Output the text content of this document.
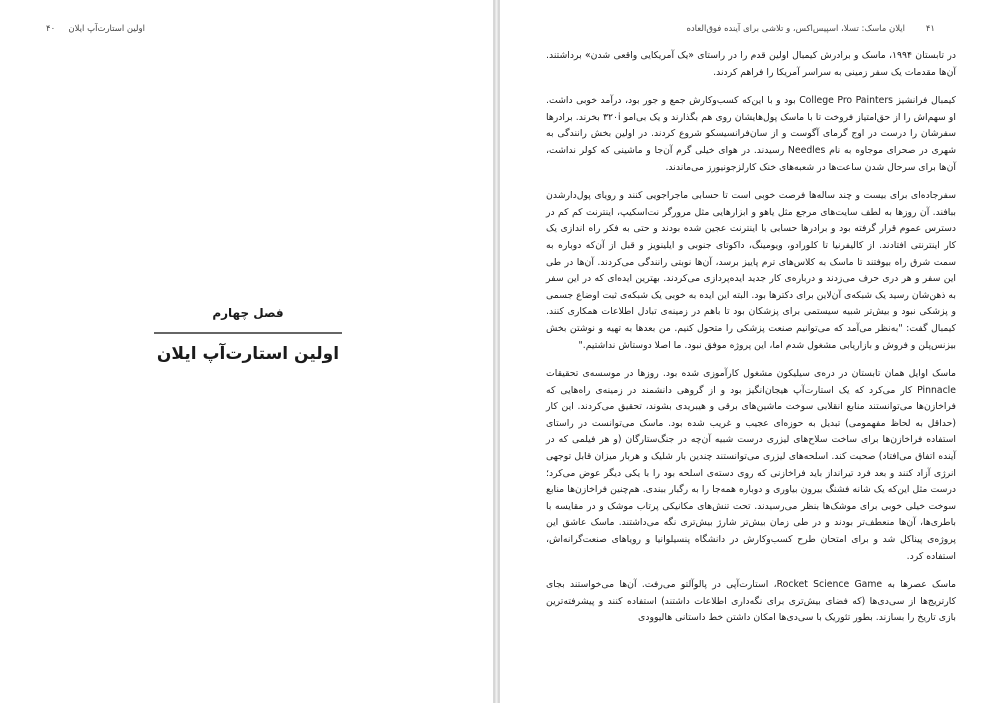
اولین استارت‌آپ ایلان
۴۰
فصل چهارم
اولین استارت‌آپ ایلان
۴۱
ایلان ماسک: تسلا، اسپیس‌اکس، و تلاشی برای آینده فوق‌العاده

در تابستان ۱۹۹۴، ماسک و برادرش کیمبال اولین قدم را در راستای «یک آمریکایی واقعی شدن» برداشتند. آن‌ها مقدمات یک سفر زمینی به سراسر آمریکا را فراهم کردند.

کیمبال فرانشیز College Pro Painters بود و با این‌که کسب‌وکارش جمع و جور بود، درآمد خوبی داشت. او سهم‌اش را از حق‌امتیاز فروخت تا با ماسک پول‌هایشان روی هم بگذارند و یک بی‌امو ۳۲۰i بخرند. برادرها سفرشان را درست در اوج گرمای آگوست و از سان‌فرانسیسکو شروع کردند. در اولین بخش رانندگی به شهری در صحرای موجاوه به نام Needles رسیدند. در هوای خیلی گرم آن‌جا و ماشینی که کولر نداشت، آن‌ها برای سرحال شدن ساعت‌ها در شعبه‌های خنک کارلزجونیورز می‌ماندند.

سفرجاده‌ای برای بیست و چند ساله‌ها فرصت خوبی است تا حسابی ماجراجویی کنند و رویای پول‌دارشدن ببافند. آن روزها به لطف سایت‌های مرجع مثل یاهو و ابزارهایی مثل مرورگر نت‌اسکیپ، اینترنت کم کم در دسترس عموم قرار گرفته بود و برادرها حسابی با اینترنت عجین شده بودند و حتی به فکر راه اندازی یک کار اینترنتی افتادند. از کالیفرنیا تا کلورادو، ویومینگ، داکوتای جنوبی و ایلینویز و قبل از آن‌که دوباره به سمت شرق راه بیوفتند تا ماسک به کلاس‌های ترم پاییز برسد، آن‌ها نوبتی رانندگی می‌کردند. آن‌ها در طی این سفر و هر دری حرف می‌زدند و درباره‌ی کار جدید ایده‌پردازی می‌کردند. بهترین ایده‌ای که در این سفر به ذهن‌شان رسید یک شبکه‌ی آن‌لاین برای دکترها بود. البته این ایده به خوبی یک شبکه‌ی ثبت اوضاع جسمی و پزشکی نبود و بیش‌تر شبیه سیستمی برای پزشکان بود تا باهم در زمینه‌ی تبادل اطلاعات همکاری کنند. کیمبال گفت: "به‌نظر می‌آمد که می‌توانیم صنعت پزشکی را متحول کنیم. من بعدها به تهیه و نوشتن بخش بیزنس‌پلن و فروش و بازاریابی مشغول شدم اما، این پروژه موفق نبود. ما اصلا دوستاش نداشتیم."

ماسک اوایل همان تابستان در دره‌ی سیلیکون مشغول کارآموزی شده بود. روزها در موسسه‌ی تحقیقات Pinnacle کار می‌کرد که یک استارت‌آپ هیجان‌انگیز بود و از گروهی دانشمند در زمینه‌ی راه‌هایی که فراخازن‌ها می‌توانستند منابع انقلابی سوخت ماشین‌های برقی و هیبریدی بشوند، تحقیق می‌کردند. این کار (حداقل به لحاظ مفهمومی) تبدیل به حوزه‌ای عجیب و غریب شده بود. ماسک می‌توانست در راستای استفاده فراخازن‌ها برای ساخت سلاح‌های لیزری درست شبیه آن‌چه در جنگ‌ستارگان (و هر فیلمی که در آینده اتفاق می‌افتاد) صحبت کند. اسلحه‌های لیزری می‌توانستند چندین بار شلیک و هربار میزان قابل توجهی انرژی آزاد کنند و بعد فرد تیرانداز باید فراخازنی که روی دسته‌ی اسلحه بود را با یکی دیگر عوض می‌کرد؛ درست مثل این‌که یک شانه فشنگ بیرون بیاوری و دوباره همه‌جا را به رگبار ببندی. هم‌چنین فراخازن‌ها منابع سوخت خیلی خوبی برای موشک‌ها بنظر می‌رسیدند. تحت تنش‌های مکانیکی پرتاب موشک و در مقایسه با باطری‌ها، آن‌ها منعطف‌تر بودند و در طی زمان بیش‌تر شارژ بیش‌تری نگه می‌داشتند. ماسک عاشق این پروژه‌ی پیناکل شد و برای امتحان طرح کسب‌وکارش در دانشگاه پنسیلوانیا و رویاهای صنعت‌گرانه‌اش، استفاده کرد.

ماسک عصرها به Rocket Science Game، استارت‌آپی در پالوآلتو می‌رفت. آن‌ها می‌خواستند بجای کارتریج‌ها از سی‌دی‌ها (که فضای بیش‌تری برای نگه‌داری اطلاعات داشتند) استفاده کنند و پیشرفته‌ترین بازی تاریخ را بسازند. بطور تئوریک با سی‌دی‌ها امکان داشتن خط داستانی هالیوودی
